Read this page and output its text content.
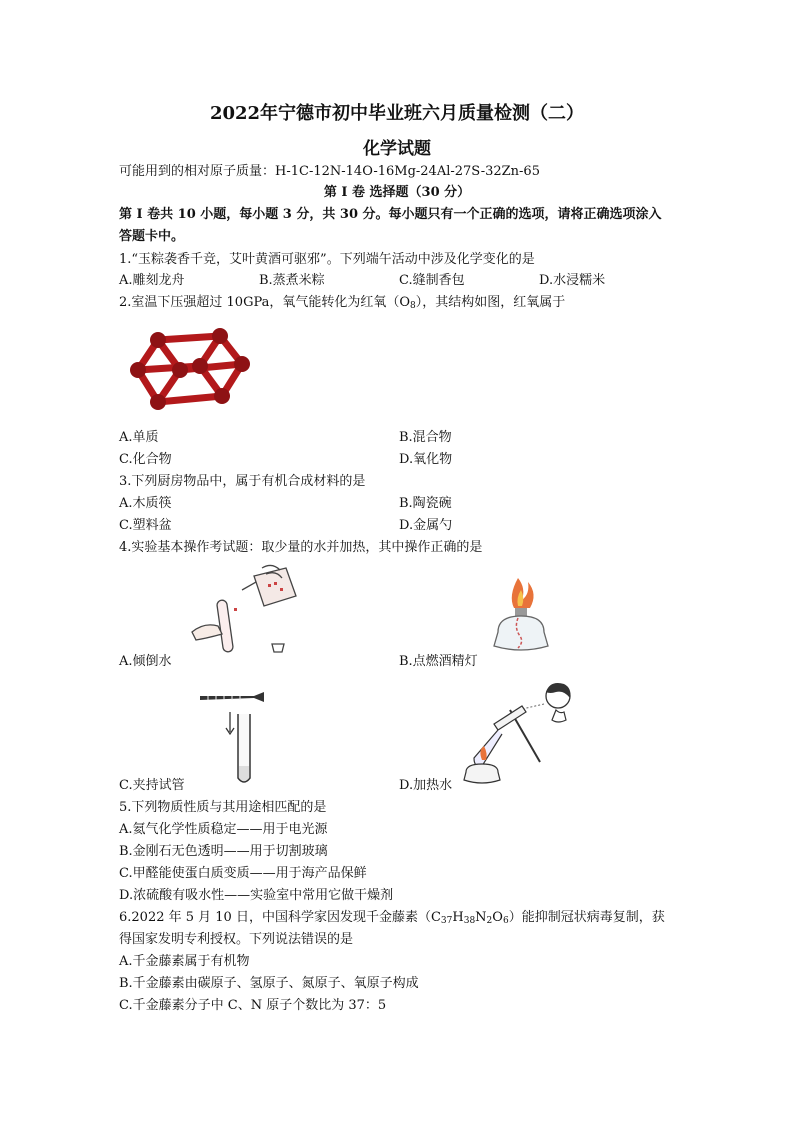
2022年宁德市初中毕业班六月质量检测（二）
化学试题
可能用到的相对原子质量：H-1C-12N-14O-16Mg-24Al-27S-32Zn-65
第 I 卷 选择题（30 分）
第 I 卷共 10 小题，每小题 3 分，共 30 分。每小题只有一个正确的选项，请将正确选项涂入
答题卡中。
1.“玉粽袭香千竞，艾叶黄酒可驱邪”。下列端午活动中涉及化学变化的是
A.雕刻龙舟	B.蒸煮米粽	C.缝制香包	D.水浸糯米
2.室温下压强超过 10GPa，氧气能转化为红氧$(O_8)$，其结构如图，红氧属于
A.单质	B.混合物
C.化合物	D.氧化物
3.下列厨房物品中，属于有机合成材料的是
A.木质筷	B.陶瓷碗
C.塑料盆	D.金属勺
4.实验基本操作考试题：取少量的水并加热，其中操作正确的是
A.倾倒水	B.点燃酒精灯
C.夹持试管	D.加热水
5.下列物质性质与其用途相匹配的是
A.氦气化学性质稳定——用于电光源
B.金刚石无色透明——用于切割玻璃
C.甲醛能使蛋白质变质——用于海产品保鲜
D.浓硫酸有吸水性——实验室中常用它做干燥剂
6.2022 年 5 月 10 日，中国科学家因发现千金藤素$(C_{37}H_{38}N_2O_6)$能抑制冠状病毒复制，获
得国家发明专利授权。下列说法错误的是
A.千金藤素属于有机物
B.千金藤素由碳原子、氢原子、氮原子、氧原子构成
C.千金藤素分子中 C、N 原子个数比为 37：5
